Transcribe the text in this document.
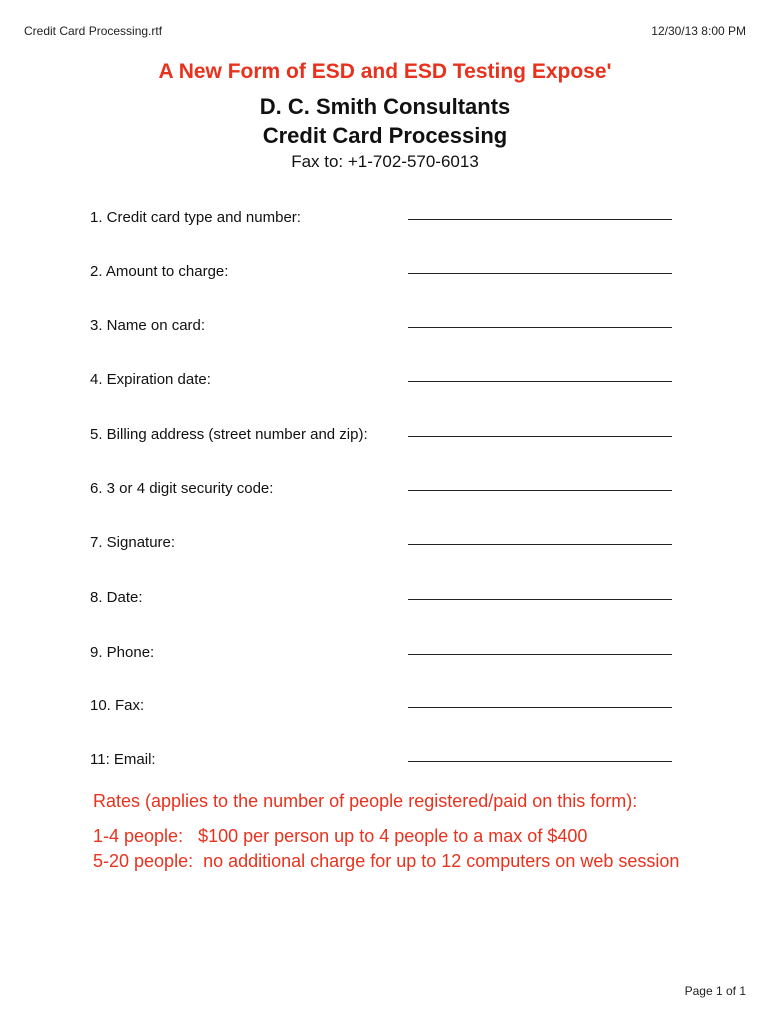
Credit Card Processing.rtf	12/30/13 8:00 PM
A New Form of ESD and ESD Testing Expose'
D. C. Smith Consultants
Credit Card Processing
Fax to: +1-702-570-6013
1. Credit card type and number:
2. Amount to charge:
3. Name on card:
4. Expiration date:
5. Billing address (street number and zip):
6. 3 or 4 digit security code:
7. Signature:
8. Date:
9. Phone:
10. Fax:
11: Email:
Rates (applies to the number of people registered/paid on this form):
1-4 people:   $100 per person up to 4 people to a max of $400
5-20 people:  no additional charge for up to 12 computers on web session
Page 1 of 1
